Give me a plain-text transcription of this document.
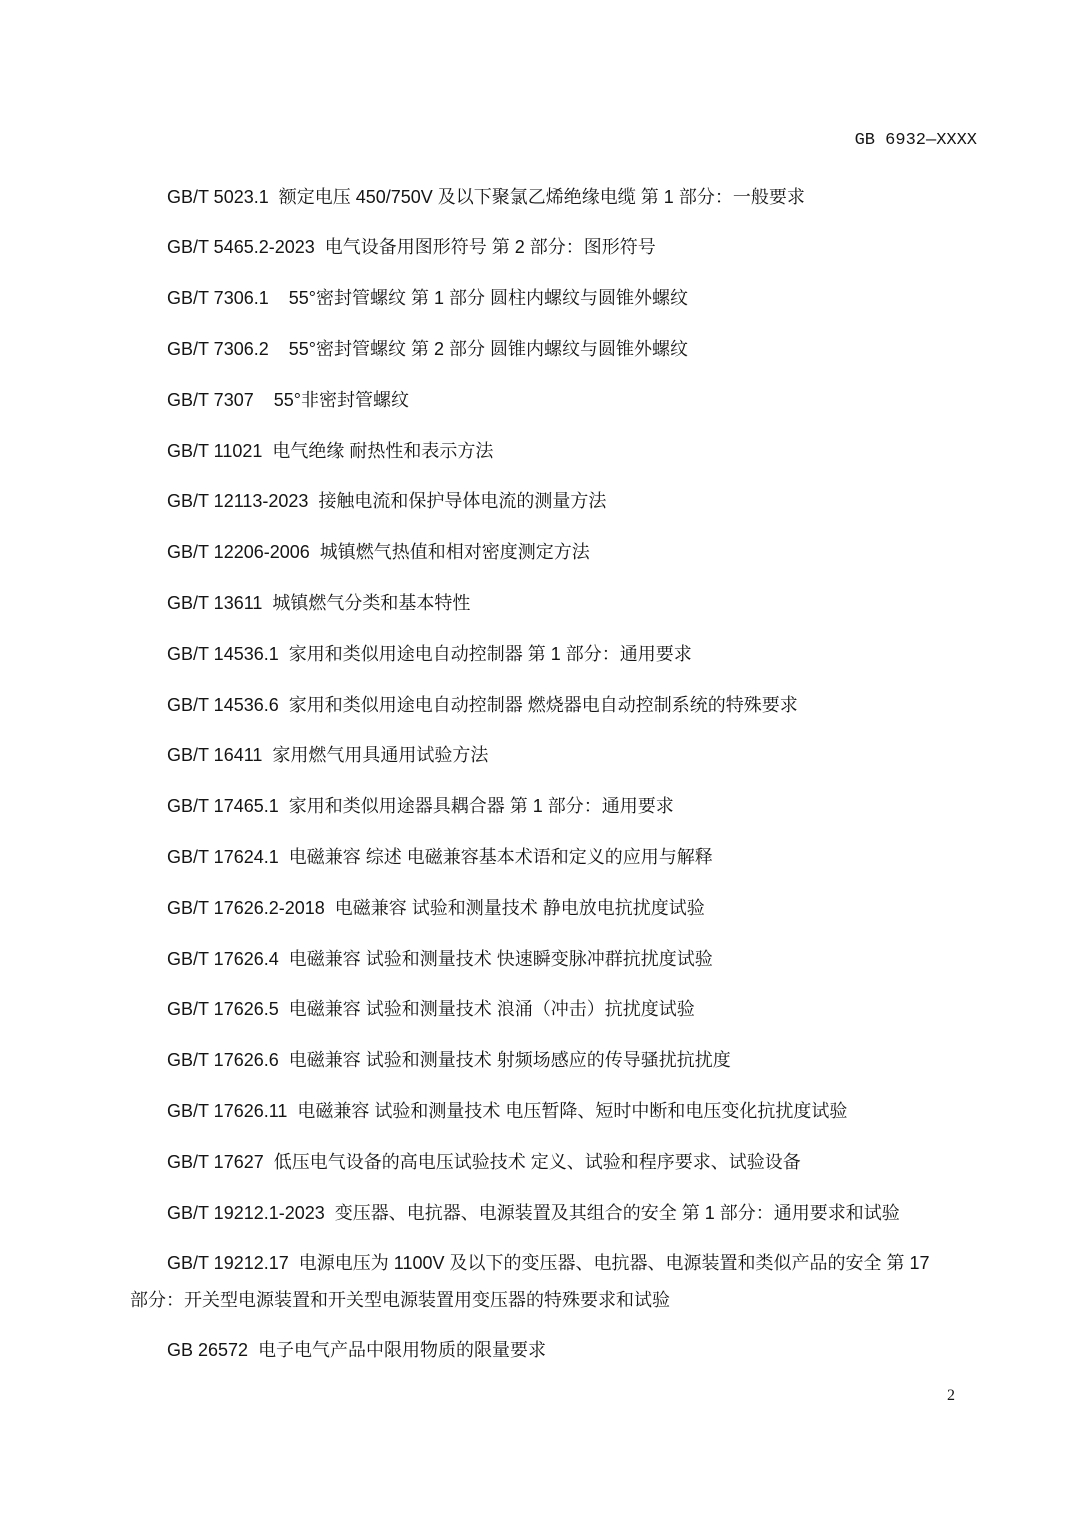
GB 6932—XXXX
GB/T 5023.1 额定电压 450/750V 及以下聚氯乙烯绝缘电缆 第 1 部分：一般要求
GB/T 5465.2-2023 电气设备用图形符号 第 2 部分：图形符号
GB/T 7306.1 55°密封管螺纹 第 1 部分 圆柱内螺纹与圆锥外螺纹
GB/T 7306.2 55°密封管螺纹 第 2 部分 圆锥内螺纹与圆锥外螺纹
GB/T 7307 55°非密封管螺纹
GB/T 11021 电气绝缘 耐热性和表示方法
GB/T 12113-2023 接触电流和保护导体电流的测量方法
GB/T 12206-2006 城镇燃气热值和相对密度测定方法
GB/T 13611 城镇燃气分类和基本特性
GB/T 14536.1 家用和类似用途电自动控制器 第 1 部分：通用要求
GB/T 14536.6 家用和类似用途电自动控制器 燃烧器电自动控制系统的特殊要求
GB/T 16411 家用燃气用具通用试验方法
GB/T 17465.1 家用和类似用途器具耦合器 第 1 部分：通用要求
GB/T 17624.1 电磁兼容 综述 电磁兼容基本术语和定义的应用与解释
GB/T 17626.2-2018 电磁兼容 试验和测量技术 静电放电抗扰度试验
GB/T 17626.4 电磁兼容 试验和测量技术 快速瞬变脉冲群抗扰度试验
GB/T 17626.5 电磁兼容 试验和测量技术 浪涌（冲击）抗扰度试验
GB/T 17626.6 电磁兼容 试验和测量技术 射频场感应的传导骚扰抗扰度
GB/T 17626.11 电磁兼容 试验和测量技术 电压暂降、短时中断和电压变化抗扰度试验
GB/T 17627 低压电气设备的高电压试验技术 定义、试验和程序要求、试验设备
GB/T 19212.1-2023 变压器、电抗器、电源装置及其组合的安全 第 1 部分：通用要求和试验
GB/T 19212.17 电源电压为 1100V 及以下的变压器、电抗器、电源装置和类似产品的安全 第 17
部分：开关型电源装置和开关型电源装置用变压器的特殊要求和试验
GB 26572 电子电气产品中限用物质的限量要求
2
